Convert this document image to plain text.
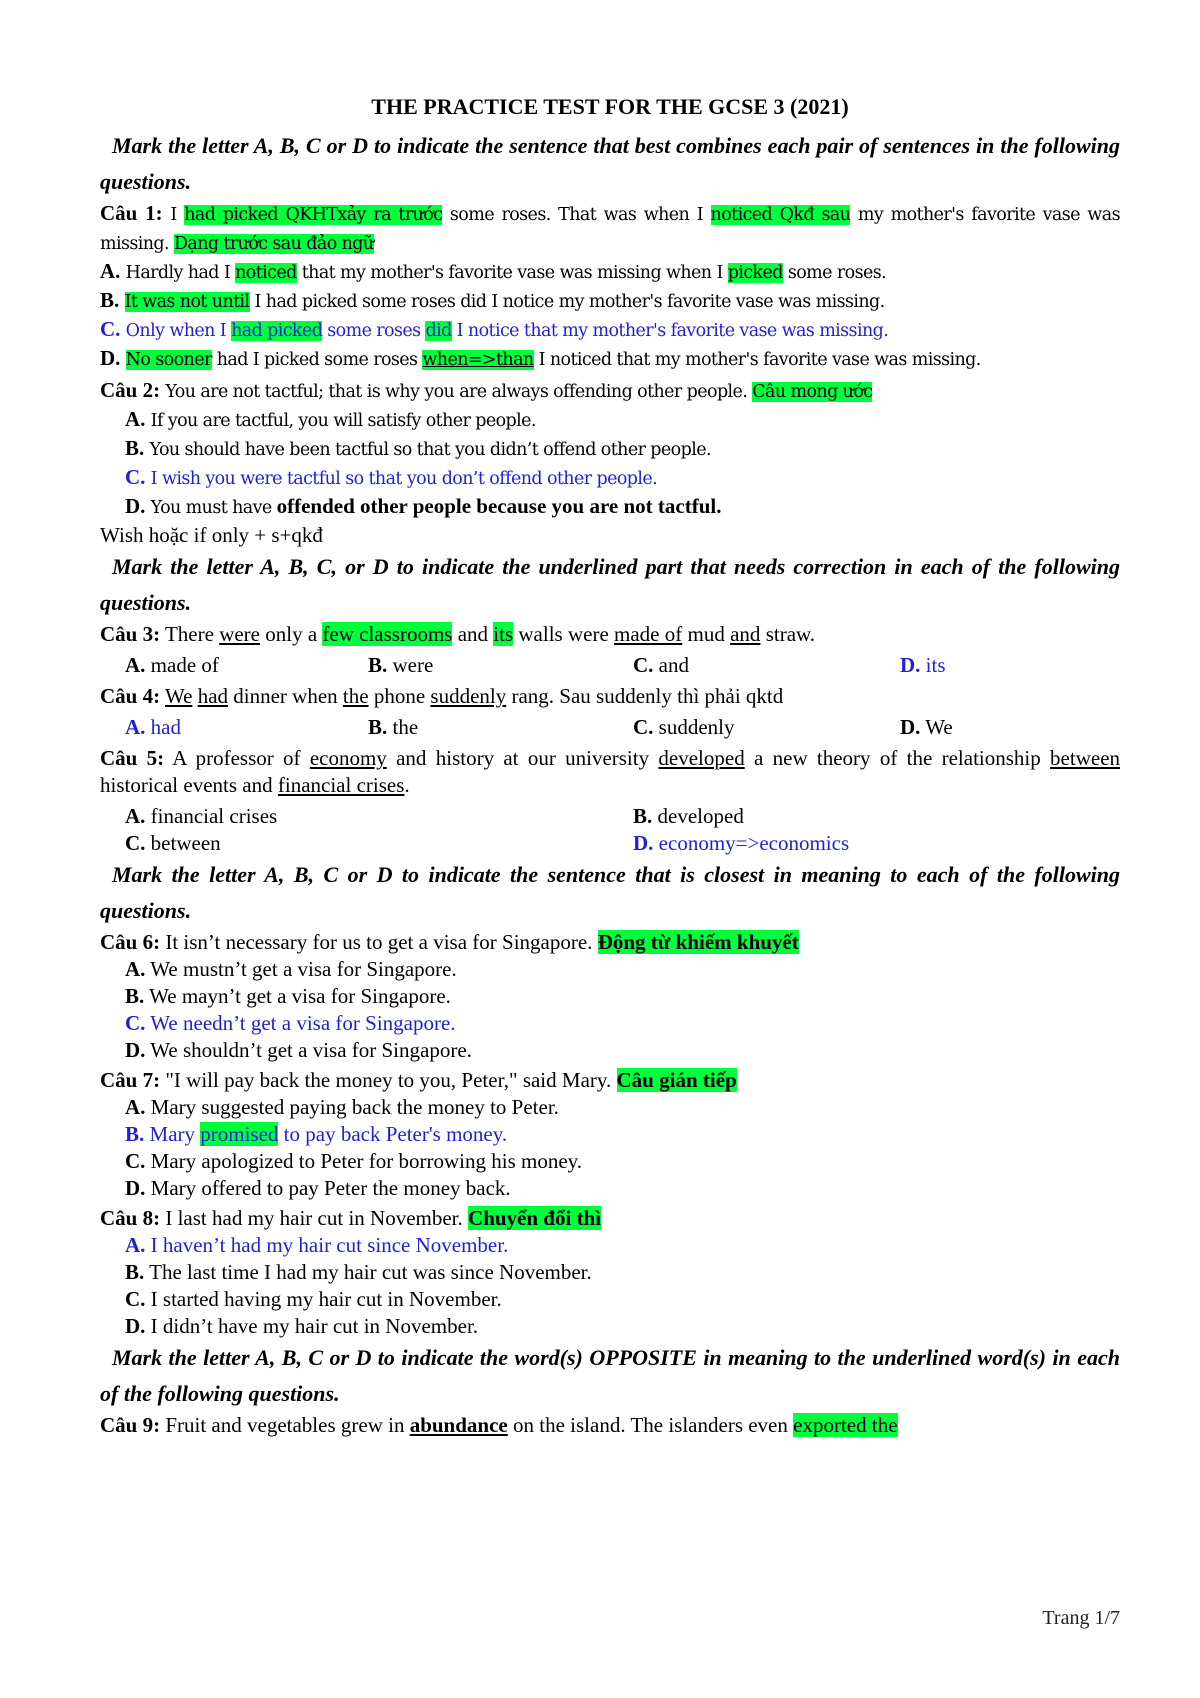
THE PRACTICE TEST FOR THE GCSE 3 (2021)

Mark the letter A, B, C or D to indicate the sentence that best combines each pair of sentences in the following questions.

Câu 1: I had picked QKHTxảy ra trước some roses. That was when I noticed Qkđ sau my mother's favorite vase was missing. Dạng trước sau đảo ngữ

A. Hardly had I noticed that my mother's favorite vase was missing when I picked some roses.

B. It was not until I had picked some roses did I notice my mother's favorite vase was missing.

C. Only when I had picked some roses did I notice that my mother's favorite vase was missing.

D. No sooner had I picked some roses when=>than I noticed that my mother's favorite vase was missing.

Câu 2: You are not tactful; that is why you are always offending other people. Câu mong ước

A. If you are tactful, you will satisfy other people.

B. You should have been tactful so that you didn’t offend other people.

C. I wish you were tactful so that you don’t offend other people.

D. You must have offended other people because you are not tactful.

Wish hoặc if only + s+qkđ

Mark the letter A, B, C, or D to indicate the underlined part that needs correction in each of the following questions.

Câu 3: There were only a few classrooms and its walls were made of mud and straw.

A. made of	B. were	C. and	D. its

Câu 4: We had dinner when the phone suddenly rang. Sau suddenly thì phải qktd

A. had	B. the	C. suddenly	D. We

Câu 5: A professor of economy and history at our university developed a new theory of the relationship between historical events and financial crises.

A. financial crises	B. developed
C. between	D. economy=>economics

Mark the letter A, B, C or D to indicate the sentence that is closest in meaning to each of the following questions.

Câu 6: It isn’t necessary for us to get a visa for Singapore. Động từ khiếm khuyết

A. We mustn’t get a visa for Singapore.

B. We mayn’t get a visa for Singapore.

C. We needn’t get a visa for Singapore.

D. We shouldn’t get a visa for Singapore.

Câu 7: "I will pay back the money to you, Peter," said Mary. Câu gián tiếp

A. Mary suggested paying back the money to Peter.

B. Mary promised to pay back Peter's money.

C. Mary apologized to Peter for borrowing his money.

D. Mary offered to pay Peter the money back.

Câu 8: I last had my hair cut in November. Chuyển đổi thì

A. I haven’t had my hair cut since November.

B. The last time I had my hair cut was since November.

C. I started having my hair cut in November.

D. I didn’t have my hair cut in November.

Mark the letter A, B, C or D to indicate the word(s) OPPOSITE in meaning to the underlined word(s) in each of the following questions.

Câu 9: Fruit and vegetables grew in abundance on the island. The islanders even exported the

Trang 1/7
